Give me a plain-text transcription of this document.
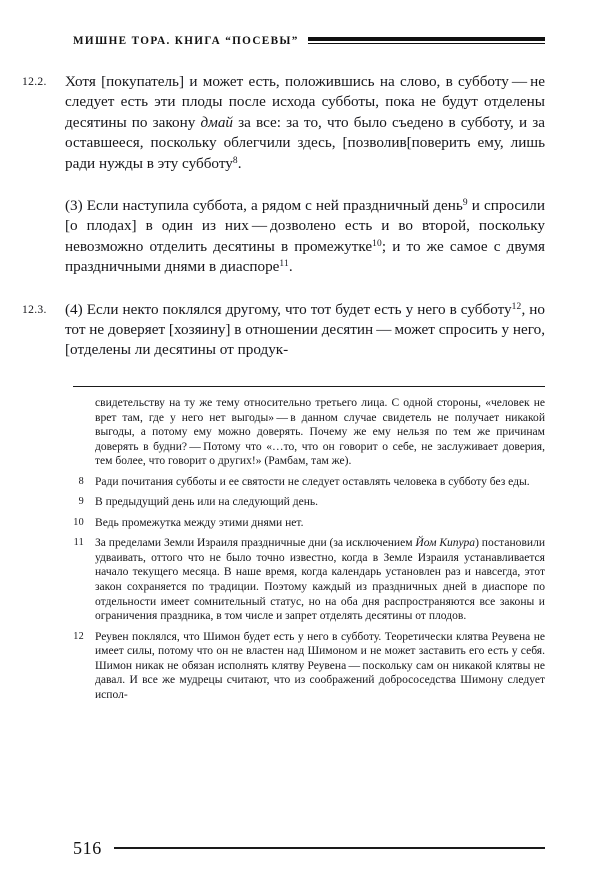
МИШНЕ ТОРА. КНИГА “ПОСЕВЫ”

12.2.	Хотя [покупатель] и может есть, положившись на слово, в субботу — не следует есть эти плоды после исхода субботы, пока не будут отделены десятины по закону дмай за все: за то, что было съедено в субботу, и за оставшееся, поскольку облегчили здесь, [позволив[поверить ему, лишь ради нужды в эту субботу$^8$.

(3) Если наступила суббота, а рядом с ней праздничный день$^9$ и спросили [о плодах] в один из них — дозволено есть и во второй, поскольку невозможно отделить десятины в промежутке$^{10}$; и то же самое с двумя праздничными днями в диаспоре$^{11}$.

12.3.	(4) Если некто поклялся другому, что тот будет есть у него в субботу$^{12}$, но тот не доверяет [хозяину] в отношении десятин — может спросить у него, [отделены ли десятины от продук-

свидетельству на ту же тему относительно третьего лица. С одной стороны, «человек не врет там, где у него нет выгоды» — в данном случае свидетель не получает никакой выгоды, а потому ему можно доверять. Почему же ему нельзя по тем же причинам доверять в будни? — Потому что «…то, что он говорит о себе, не заслуживает доверия, тем более, что говорит о других!» (Рамбам, там же).
8 Ради почитания субботы и ее святости не следует оставлять человека в субботу без еды.
9 В предыдущий день или на следующий день.
10 Ведь промежутка между этими днями нет.
11 За пределами Земли Израиля праздничные дни (за исключением Йом Кипура) постановили удваивать, оттого что не было точно известно, когда в Земле Израиля устанавливается начало текущего месяца. В наше время, когда календарь установлен раз и навсегда, этот закон сохраняется по традиции. Поэтому каждый из праздничных дней в диаспоре по отдельности имеет сомнительный статус, но на оба дня распространяются все законы и ограничения праздника, в том числе и запрет отделять десятины от плодов.
12 Реувен поклялся, что Шимон будет есть у него в субботу. Теоретически клятва Реувена не имеет силы, потому что он не властен над Шимоном и не может заставить его есть у себя. Шимон никак не обязан исполнять клятву Реувена — поскольку сам он никакой клятвы не давал. И все же мудрецы считают, что из соображений добрососедства Шимону следует испол-
516
